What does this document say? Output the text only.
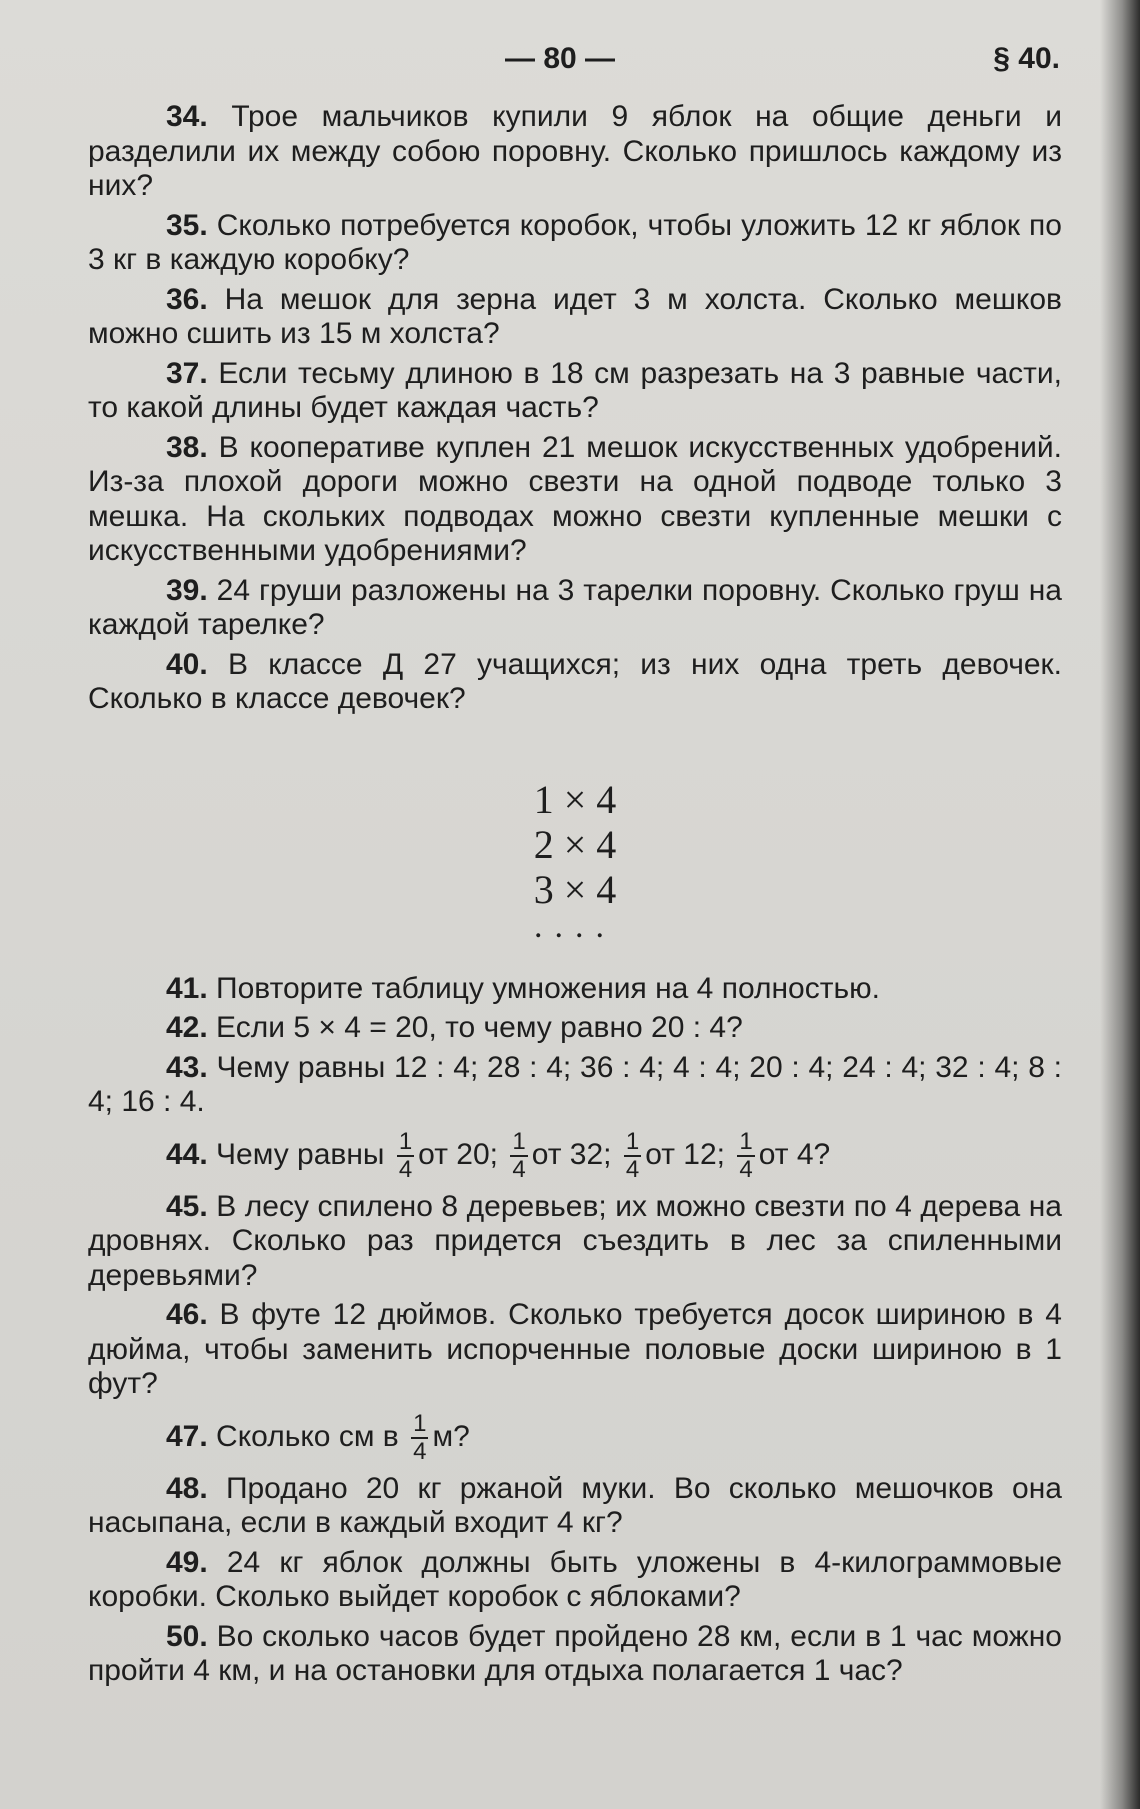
— 80 —	§ 40.

34. Трое мальчиков купили 9 яблок на общие деньги и разделили их между собою поровну. Сколько пришлось каждому из них?

35. Сколько потребуется коробок, чтобы уложить 12 кг яблок по 3 кг в каждую коробку?

36. На мешок для зерна идет 3 м холста. Сколько мешков можно сшить из 15 м холста?

37. Если тесьму длиною в 18 см разрезать на 3 равные части, то какой длины будет каждая часть?

38. В кооперативе куплен 21 мешок искусственных удобрений. Из-за плохой дороги можно свезти на одной подводе только 3 мешка. На скольких подводах можно свезти купленные мешки с искусственными удобрениями?

39. 24 груши разложены на 3 тарелки поровну. Сколько груш на каждой тарелке?

40. В классе Д 27 учащихся; из них одна треть девочек. Сколько в классе девочек?

1 × 4
2 × 4
3 × 4
....

41. Повторите таблицу умножения на 4 полностью.

42. Если 5 × 4 = 20, то чему равно 20 : 4?

43. Чему равны 12 : 4; 28 : 4; 36 : 4; 4 : 4; 20 : 4; 24 : 4; 32 : 4; 8 : 4; 16 : 4.

44. Чему равны $\frac{1}{4}$ от 20; $\frac{1}{4}$ от 32; $\frac{1}{4}$ от 12; $\frac{1}{4}$ от 4?

45. В лесу спилено 8 деревьев; их можно свезти по 4 дерева на дровнях. Сколько раз придется съездить в лес за спиленными деревьями?

46. В футе 12 дюймов. Сколько требуется досок шириною в 4 дюйма, чтобы заменить испорченные половые доски шириною в 1 фут?

47. Сколько см в $\frac{1}{4} м$?

48. Продано 20 кг ржаной муки. Во сколько мешочков она насыпана, если в каждый входит 4 кг?

49. 24 кг яблок должны быть уложены в 4-килограммовые коробки. Сколько выйдет коробок с яблоками?

50. Во сколько часов будет пройдено 28 км, если в 1 час можно пройти 4 км, и на остановки для отдыха полагается 1 час?
